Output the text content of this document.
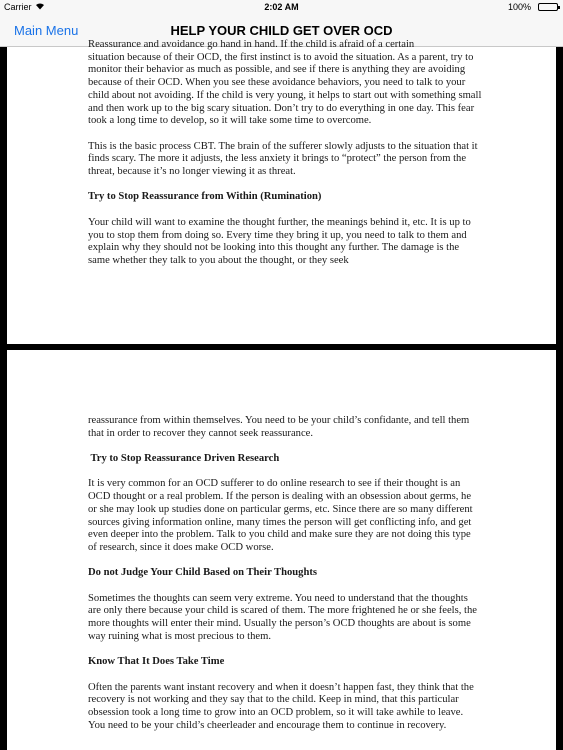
Carrier	2:02 AM	100%
Main Menu	HELP YOUR CHILD GET OVER OCD

Reassurance and avoidance go hand in hand. If the child is afraid of a certain

situation because of their OCD, the first instinct is to avoid the situation. As a parent, try to monitor their behavior as much as possible, and see if there is anything they are avoiding because of their OCD. When you see these avoidance behaviors, you need to talk to your child about not avoiding. If the child is very young, it helps to start out with something small and then work up to the big scary situation. Don’t try to do everything in one day. This fear took a long time to develop, so it will take some time to overcome.

This is the basic process CBT. The brain of the sufferer slowly adjusts to the situation that it finds scary. The more it adjusts, the less anxiety it brings to “protect” the person from the threat, because it’s no longer viewing it as threat.

Try to Stop Reassurance from Within (Rumination)

Your child will want to examine the thought further, the meanings behind it, etc. It is up to you to stop them from doing so. Every time they bring it up, you need to talk to them and explain why they should not be looking into this thought any further. The damage is the same whether they talk to you about the thought, or they seek

reassurance from within themselves. You need to be your child’s confidante, and tell them that in order to recover they cannot seek reassurance.

Try to Stop Reassurance Driven Research

It is very common for an OCD sufferer to do online research to see if their thought is an OCD thought or a real problem. If the person is dealing with an obsession about germs, he or she may look up studies done on particular germs, etc. Since there are so many different sources giving information online, many times the person will get conflicting info, and get even deeper into the problem. Talk to you child and make sure they are not doing this type of research, since it does make OCD worse.

Do not Judge Your Child Based on Their Thoughts

Sometimes the thoughts can seem very extreme. You need to understand that the thoughts are only there because your child is scared of them. The more frightened he or she feels, the more thoughts will enter their mind. Usually the person’s OCD thoughts are about is some way ruining what is most precious to them.

Know That It Does Take Time

Often the parents want instant recovery and when it doesn’t happen fast, they think that the recovery is not working and they say that to the child. Keep in mind, that this particular obsession took a long time to grow into an OCD problem, so it will take awhile to leave. You need to be your child’s cheerleader and encourage them to continue in recovery.
